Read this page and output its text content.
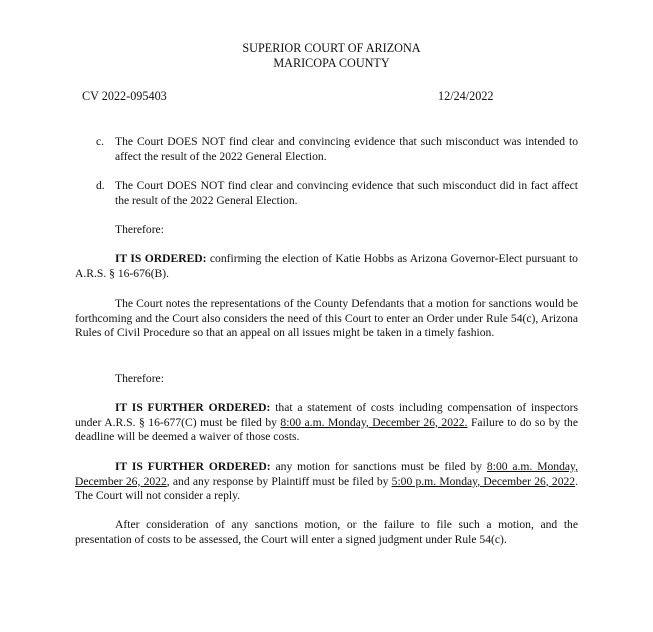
SUPERIOR COURT OF ARIZONA
MARICOPA COUNTY
CV 2022-095403	12/24/2022
c. The Court DOES NOT find clear and convincing evidence that such misconduct was intended to affect the result of the 2022 General Election.
d. The Court DOES NOT find clear and convincing evidence that such misconduct did in fact affect the result of the 2022 General Election.
Therefore:
IT IS ORDERED: confirming the election of Katie Hobbs as Arizona Governor-Elect pursuant to A.R.S. § 16-676(B).
The Court notes the representations of the County Defendants that a motion for sanctions would be forthcoming and the Court also considers the need of this Court to enter an Order under Rule 54(c), Arizona Rules of Civil Procedure so that an appeal on all issues might be taken in a timely fashion.
Therefore:
IT IS FURTHER ORDERED: that a statement of costs including compensation of inspectors under A.R.S. § 16-677(C) must be filed by 8:00 a.m. Monday, December 26, 2022. Failure to do so by the deadline will be deemed a waiver of those costs.
IT IS FURTHER ORDERED: any motion for sanctions must be filed by 8:00 a.m. Monday, December 26, 2022, and any response by Plaintiff must be filed by 5:00 p.m. Monday, December 26, 2022. The Court will not consider a reply.
After consideration of any sanctions motion, or the failure to file such a motion, and the presentation of costs to be assessed, the Court will enter a signed judgment under Rule 54(c).
